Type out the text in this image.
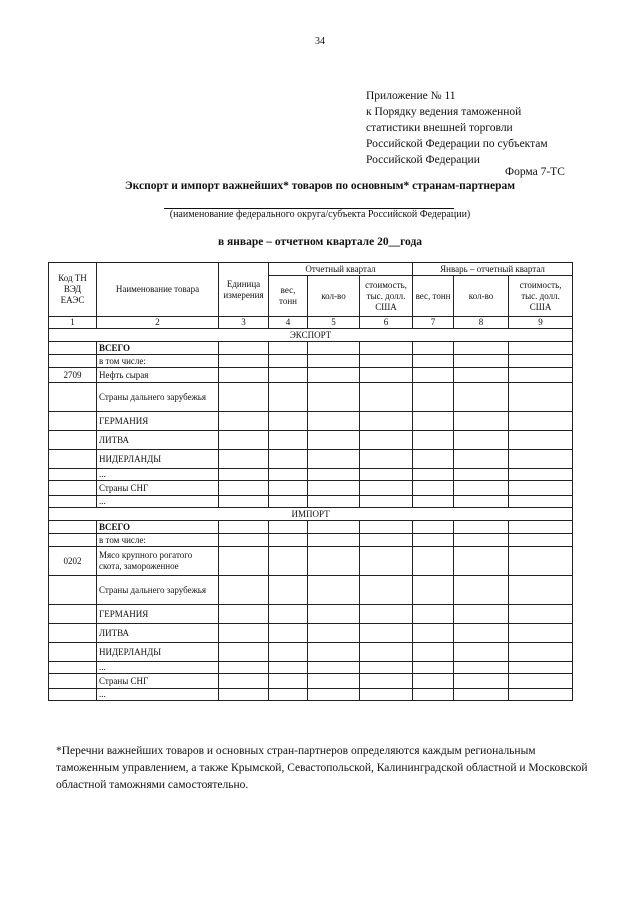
34
Приложение № 11
к Порядку ведения таможенной
статистики внешней торговли
Российской Федерации по субъектам
Российской Федерации
Форма 7-ТС
Экспорт и импорт важнейших* товаров по основным* странам-партнерам
(наименование федерального округа/субъекта Российской Федерации)
в январе – отчетном квартале 20__года
Код ТН ВЭД ЕАЭС	Наименование товара	Единица измерения	Отчетный квартал			Январь – отчетный квартал		
			вес, тонн	кол-во	стоимость, тыс. долл. США	вес, тонн	кол-во	стоимость, тыс. долл. США
1	2	3	4	5	6	7	8	9
ЭКСПОРТ								
	ВСЕГО							
	в том числе:							
2709	Нефть сырая							
	Страны дальнего зарубежья							
	ГЕРМАНИЯ							
	ЛИТВА							
	НИДЕРЛАНДЫ							
	...							
	Страны СНГ							
	...							
ИМПОРТ								
	ВСЕГО							
	в том числе:							
0202	Мясо крупного рогатого скота, замороженное							
	Страны дальнего зарубежья							
	ГЕРМАНИЯ							
	ЛИТВА							
	НИДЕРЛАНДЫ							
	...							
	Страны СНГ							
	...							
*Перечни важнейших товаров и основных стран-партнеров определяются каждым региональным таможенным управлением, а также Крымской, Севастопольской, Калининградской областной и Московской областной таможнями самостоятельно.
